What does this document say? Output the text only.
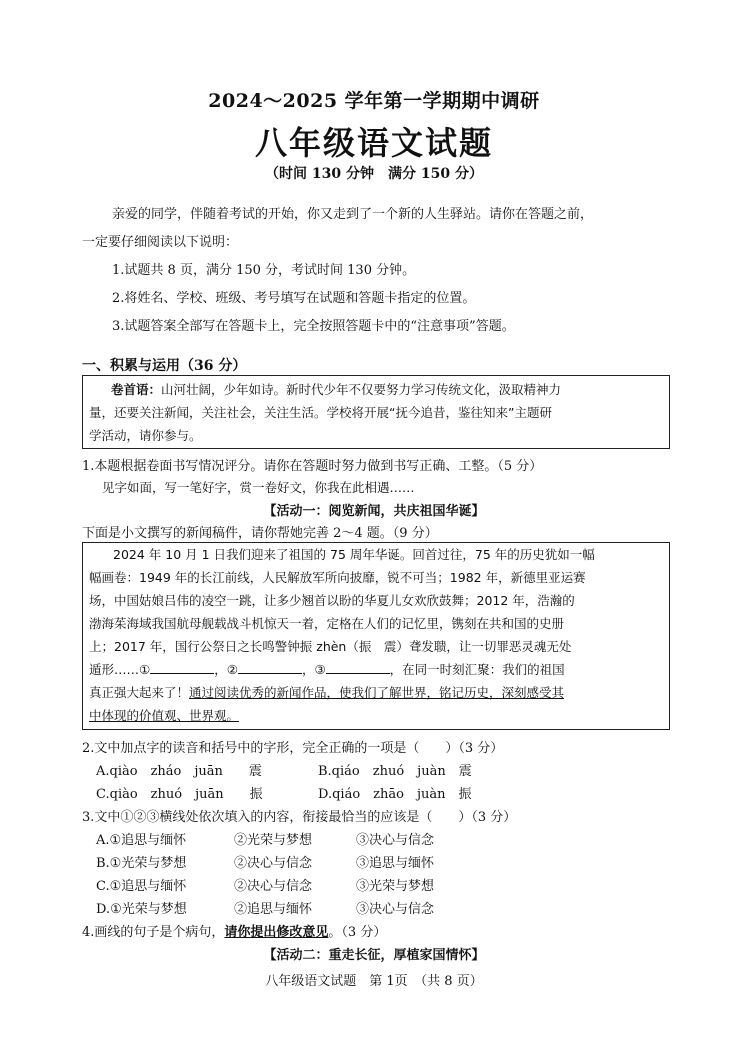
2024～2025 学年第一学期期中调研
八年级语文试题
（时间 130 分钟　满分 150 分）
亲爱的同学，伴随着考试的开始，你又走到了一个新的人生驿站。请你在答题之前，
一定要仔细阅读以下说明：
1.试题共 8 页，满分 150 分，考试时间 130 分钟。
2.将姓名、学校、班级、考号填写在试题和答题卡指定的位置。
3.试题答案全部写在答题卡上，完全按照答题卡中的“注意事项”答题。
一、积累与运用（36 分）
卷首语：山河壮阔，少年如诗。新时代少年不仅要努力学习传统文化，汲取精神力
量，还要关注新闻，关注社会，关注生活。学校将开展“抚今追昔，鉴往知来”主题研
学活动，请你参与。
1.本题根据卷面书写情况评分。请你在答题时努力做到书写正确、工整。（5 分）
见字如面，写一笔好字，赏一卷好文，你我在此相遇……
【活动一：阅览新闻，共庆祖国华诞】
下面是小文撰写的新闻稿件，请你帮她完善 2～4 题。（9 分）
2024 年 10 月 1 日我们迎来了祖国的 75 周年华诞。回首过往，75 年的历史犹如一幅
幅画卷：1949 年的长江前线，人民解放军所向披靡，锐不可当；1982 年，新德里亚运赛
场，中国姑娘吕伟的凌空一跳，让多少翘首以盼的华夏儿女欢欣鼓舞；2012 年，浩瀚的
渤海茱海域我国航母舰载战斗机惊天一着，定格在人们的记忆里，镌刻在共和国的史册
上；2017 年，国行公祭日之长鸣警钟振 zhèn（振　震）聋发聩，让一切罪恶灵魂无处
遁形……①	，②	，③	，在同一时刻汇聚：我们的祖国
真正强大起来了！通过阅读优秀的新闻作品，使我们了解世界，铭记历史，深刻感受其
中体现的价值观、世界观。
2.文中加点字的读音和括号中的字形，完全正确的一项是（　　）（3 分）
A.qiào　zháo　juān　　震	B.qiáo　zhuó　juàn　震
C.qiào　zhuó　juān　　振	D.qiáo　zhāo　juàn　振
3.文中①②③横线处依次填入的内容，衔接最恰当的应该是（　　）（3 分）
A.①追思与缅怀	②光荣与梦想	③决心与信念
B.①光荣与梦想	②决心与信念	③追思与缅怀
C.①追思与缅怀	②决心与信念	③光荣与梦想
D.①光荣与梦想	②追思与缅怀	③决心与信念
4.画线的句子是个病句，请你提出修改意见。（3 分）
【活动二：重走长征，厚植家国情怀】
八年级语文试题　第 1页　（共 8 页）
